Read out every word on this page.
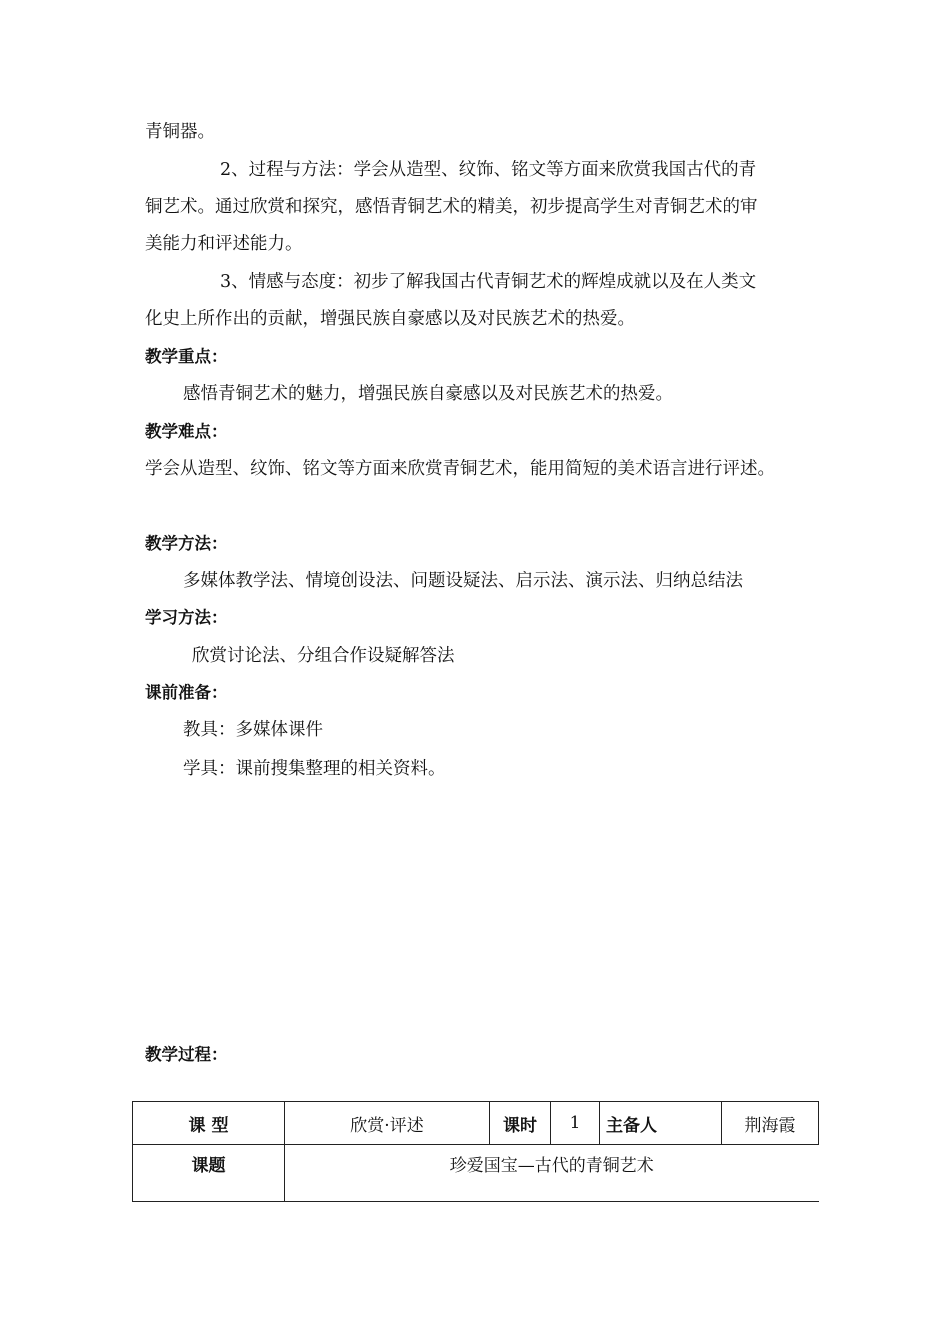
青铜器。
2、过程与方法：学会从造型、纹饰、铭文等方面来欣赏我国古代的青
铜艺术。通过欣赏和探究，感悟青铜艺术的精美，初步提高学生对青铜艺术的审
美能力和评述能力。
3、情感与态度：初步了解我国古代青铜艺术的辉煌成就以及在人类文
化史上所作出的贡献，增强民族自豪感以及对民族艺术的热爱。
教学重点：
感悟青铜艺术的魅力，增强民族自豪感以及对民族艺术的热爱。
教学难点：
学会从造型、纹饰、铭文等方面来欣赏青铜艺术，能用简短的美术语言进行评述。
教学方法：
多媒体教学法、情境创设法、问题设疑法、启示法、演示法、归纳总结法
学习方法：
欣赏讨论法、分组合作设疑解答法
课前准备：
教具：多媒体课件
学具：课前搜集整理的相关资料。
教学过程：
课 型	欣赏·评述	课时	1	主备人	荆海霞
课题	珍爱国宝—古代的青铜艺术				
